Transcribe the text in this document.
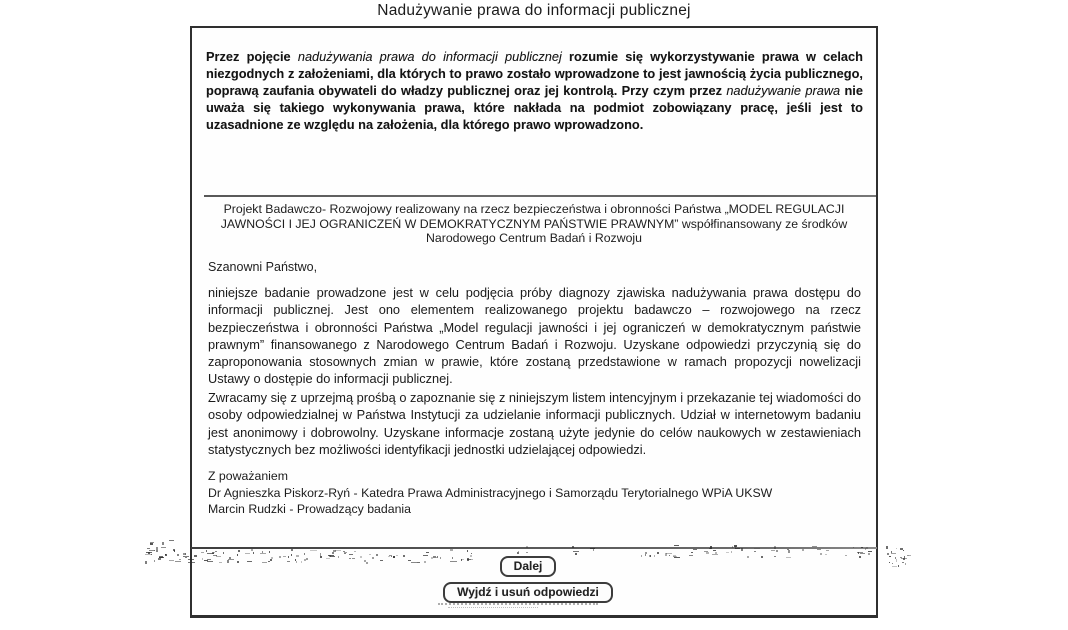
Nadużywanie prawa do informacji publicznej

Przez pojęcie nadużywania prawa do informacji publicznej rozumie się wykorzystywanie prawa w celach niezgodnych z założeniami, dla których to prawo zostało wprowadzone to jest jawnością życia publicznego, poprawą zaufania obywateli do władzy publicznej oraz jej kontrolą. Przy czym przez nadużywanie prawa nie uważa się takiego wykonywania prawa, które nakłada na podmiot zobowiązany pracę, jeśli jest to uzasadnione ze względu na założenia, dla którego prawo wprowadzono.

Projekt Badawczo- Rozwojowy realizowany na rzecz bezpieczeństwa i obronności Państwa „MODEL REGULACJI JAWNOŚCI I JEJ OGRANICZEŃ W DEMOKRATYCZNYM PAŃSTWIE PRAWNYM” współfinansowany ze środków Narodowego Centrum Badań i Rozwoju

Szanowni Państwo,

niniejsze badanie prowadzone jest w celu podjęcia próby diagnozy zjawiska nadużywania prawa dostępu do informacji publicznej. Jest ono elementem realizowanego projektu badawczo – rozwojowego na rzecz bezpieczeństwa i obronności Państwa „Model regulacji jawności i jej ograniczeń w demokratycznym państwie prawnym” finansowanego z Narodowego Centrum Badań i Rozwoju. Uzyskane odpowiedzi przyczynią się do zaproponowania stosownych zmian w prawie, które zostaną przedstawione w ramach propozycji nowelizacji Ustawy o dostępie do informacji publicznej.

Zwracamy się z uprzejmą prośbą o zapoznanie się z niniejszym listem intencyjnym i przekazanie tej wiadomości do osoby odpowiedzialnej w Państwa Instytucji za udzielanie informacji publicznych. Udział w internetowym badaniu jest anonimowy i dobrowolny. Uzyskane informacje zostaną użyte jedynie do celów naukowych w zestawieniach statystycznych bez możliwości identyfikacji jednostki udzielającej odpowiedzi.

Z poważaniem

Dr Agnieszka Piskorz-Ryń - Katedra Prawa Administracyjnego i Samorządu Terytorialnego WPiA UKSW

Marcin Rudzki - Prowadzący badania

Dalej
Wyjdź i usuń odpowiedzi
